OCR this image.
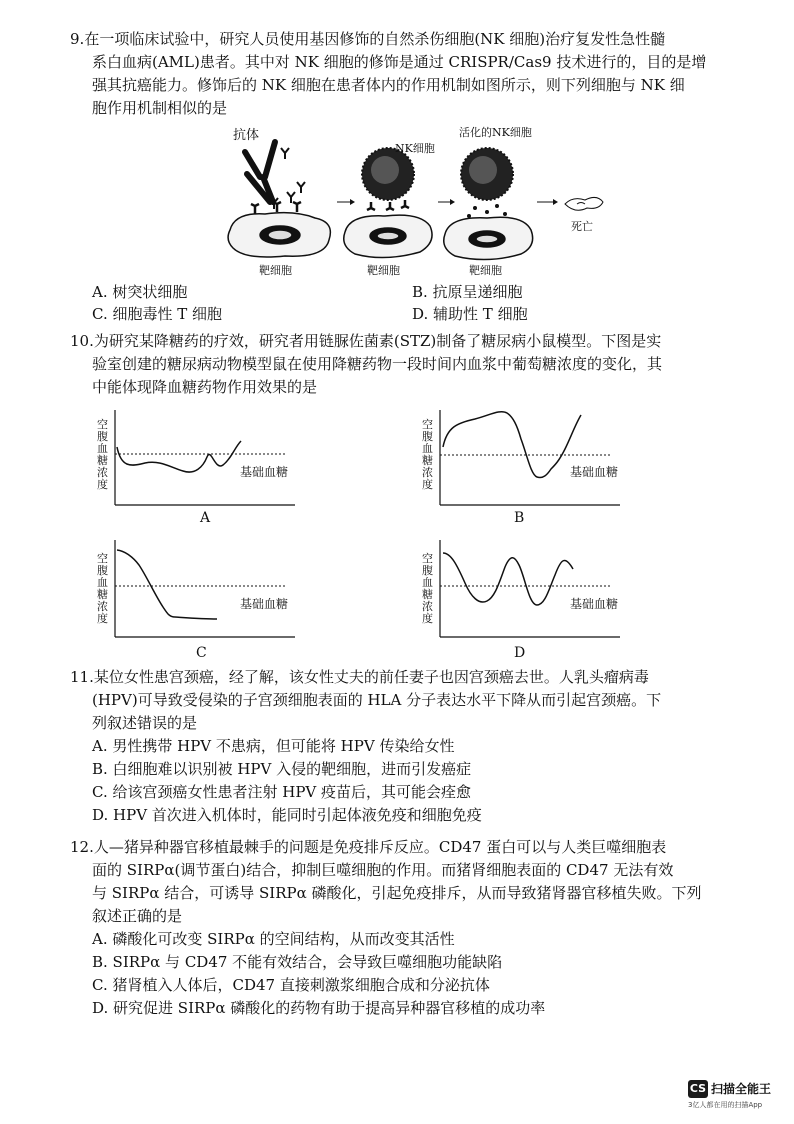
9.在一项临床试验中，研究人员使用基因修饰的自然杀伤细胞(NK 细胞)治疗复发性急性髓

系白血病(AML)患者。其中对 NK 细胞的修饰是通过 CRISPR/Cas9 技术进行的，目的是增

强其抗癌能力。修饰后的 NK 细胞在患者体内的作用机制如图所示，则下列细胞与 NK 细

胞作用机制相似的是

抗体
NK细胞
活化的NK细胞
靶细胞	靶细胞	靶细胞
死亡
A. 树突状细胞	B. 抗原呈递细胞
C. 细胞毒性 T 细胞	D. 辅助性 T 细胞

10.为研究某降糖药的疗效，研究者用链脲佐菌素(STZ)制备了糖尿病小鼠模型。下图是实

验室创建的糖尿病动物模型鼠在使用降糖药物一段时间内血浆中葡萄糖浓度的变化，其

中能体现降血糖药物作用效果的是

空腹血糖浓度
空腹血糖浓度
空腹血糖浓度
空腹血糖浓度
基础血糖	基础血糖
基础血糖	基础血糖
A	B
C	D

11.某位女性患宫颈癌，经了解，该女性丈夫的前任妻子也因宫颈癌去世。人乳头瘤病毒

(HPV)可导致受侵染的子宫颈细胞表面的 HLA 分子表达水平下降从而引起宫颈癌。下

列叙述错误的是

A. 男性携带 HPV 不患病，但可能将 HPV 传染给女性

B. 白细胞难以识别被 HPV 入侵的靶细胞，进而引发癌症

C. 给该宫颈癌女性患者注射 HPV 疫苗后，其可能会痊愈

D. HPV 首次进入机体时，能同时引起体液免疫和细胞免疫

12.人—猪异种器官移植最棘手的问题是免疫排斥反应。CD47 蛋白可以与人类巨噬细胞表

面的 SIRPα(调节蛋白)结合，抑制巨噬细胞的作用。而猪肾细胞表面的 CD47 无法有效

与 SIRPα 结合，可诱导 SIRPα 磷酸化，引起免疫排斥，从而导致猪肾器官移植失败。下列

叙述正确的是

A. 磷酸化可改变 SIRPα 的空间结构，从而改变其活性

B. SIRPα 与 CD47 不能有效结合，会导致巨噬细胞功能缺陷

C. 猪肾植入人体后，CD47 直接刺激浆细胞合成和分泌抗体

D. 研究促进 SIRPα 磷酸化的药物有助于提高异种器官移植的成功率

CS 扫描全能王
3亿人都在用的扫描App
